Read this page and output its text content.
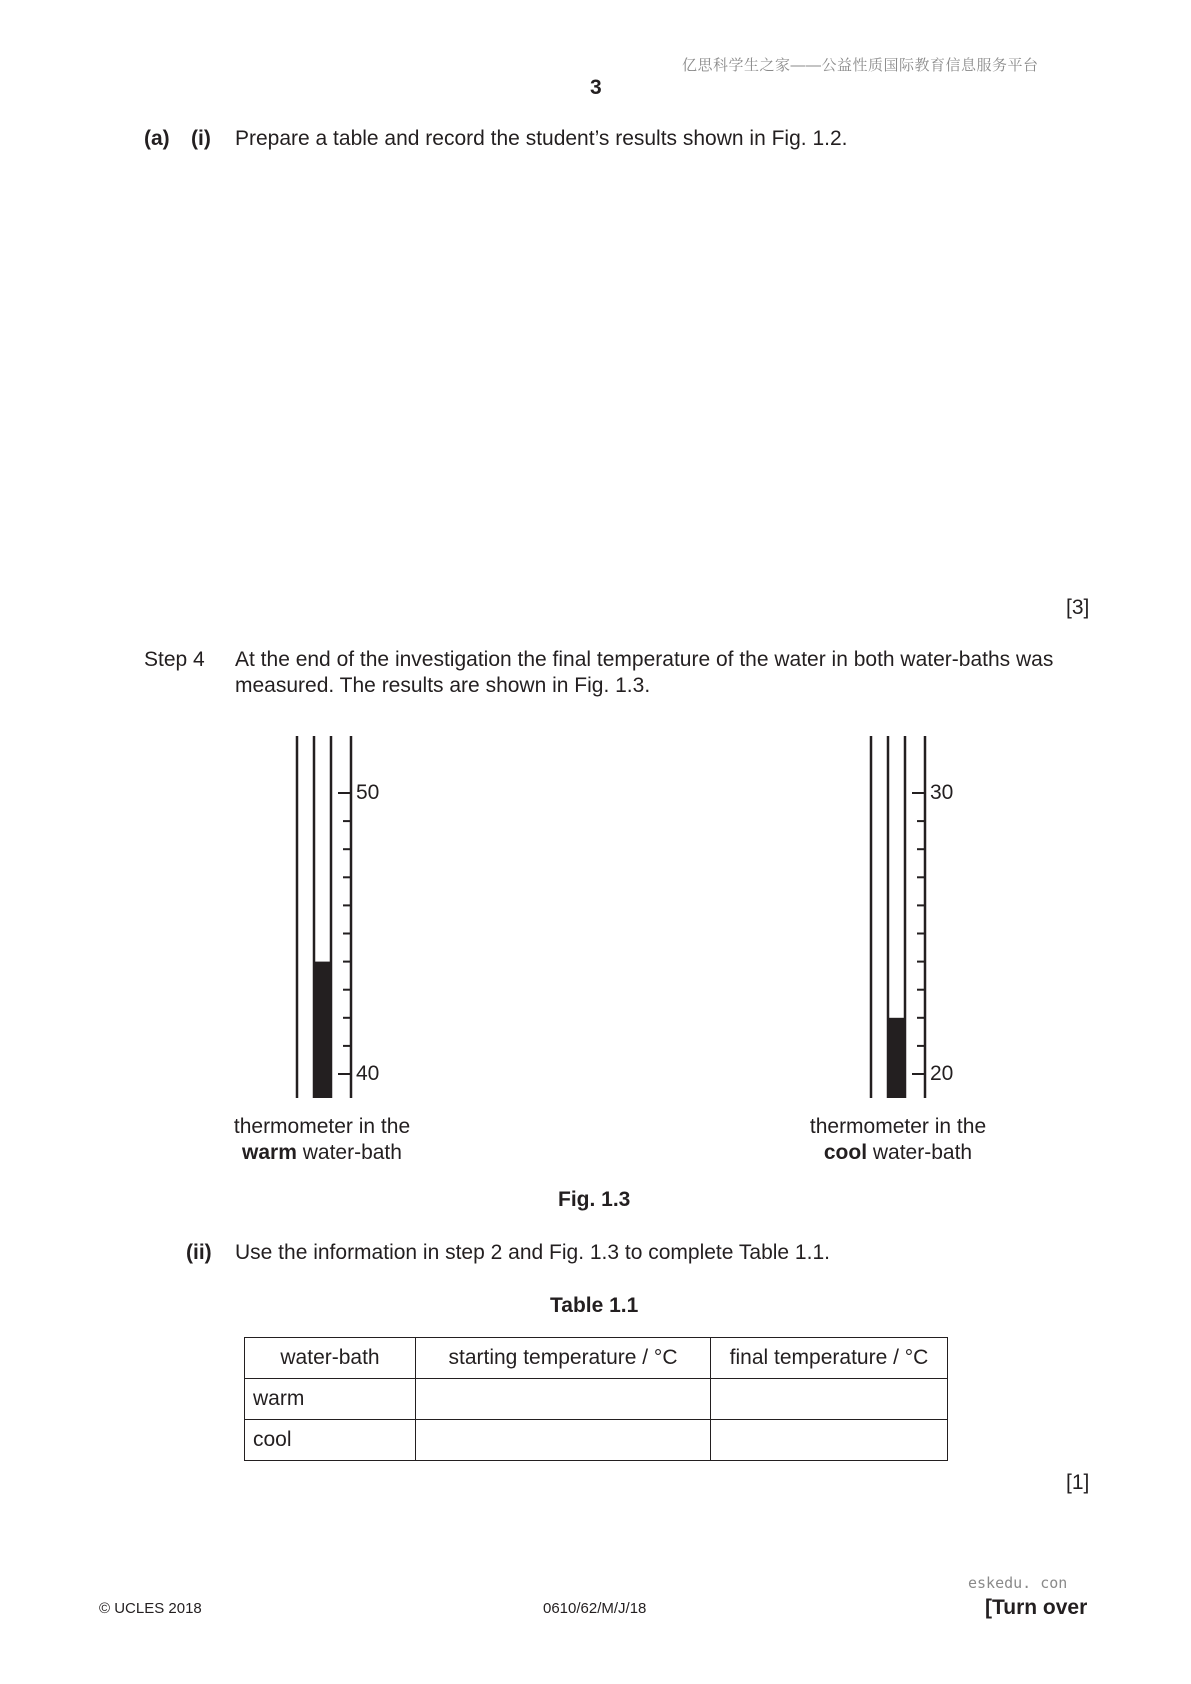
亿思科学生之家——公益性质国际教育信息服务平台
3
(a) (i) Prepare a table and record the student’s results shown in Fig. 1.2.
[3]
Step 4 At the end of the investigation the final temperature of the water in both water-baths was
measured. The results are shown in Fig. 1.3.
50
40
30
20
thermometer in the
warm water-bath
thermometer in the
cool water-bath
Fig. 1.3
(ii) Use the information in step 2 and Fig. 1.3 to complete Table 1.1.
Table 1.1
water-bath	starting temperature / °C	final temperature / °C
warm		
cool		
[1]
eskedu. con
© UCLES 2018	0610/62/M/J/18	[Turn over
